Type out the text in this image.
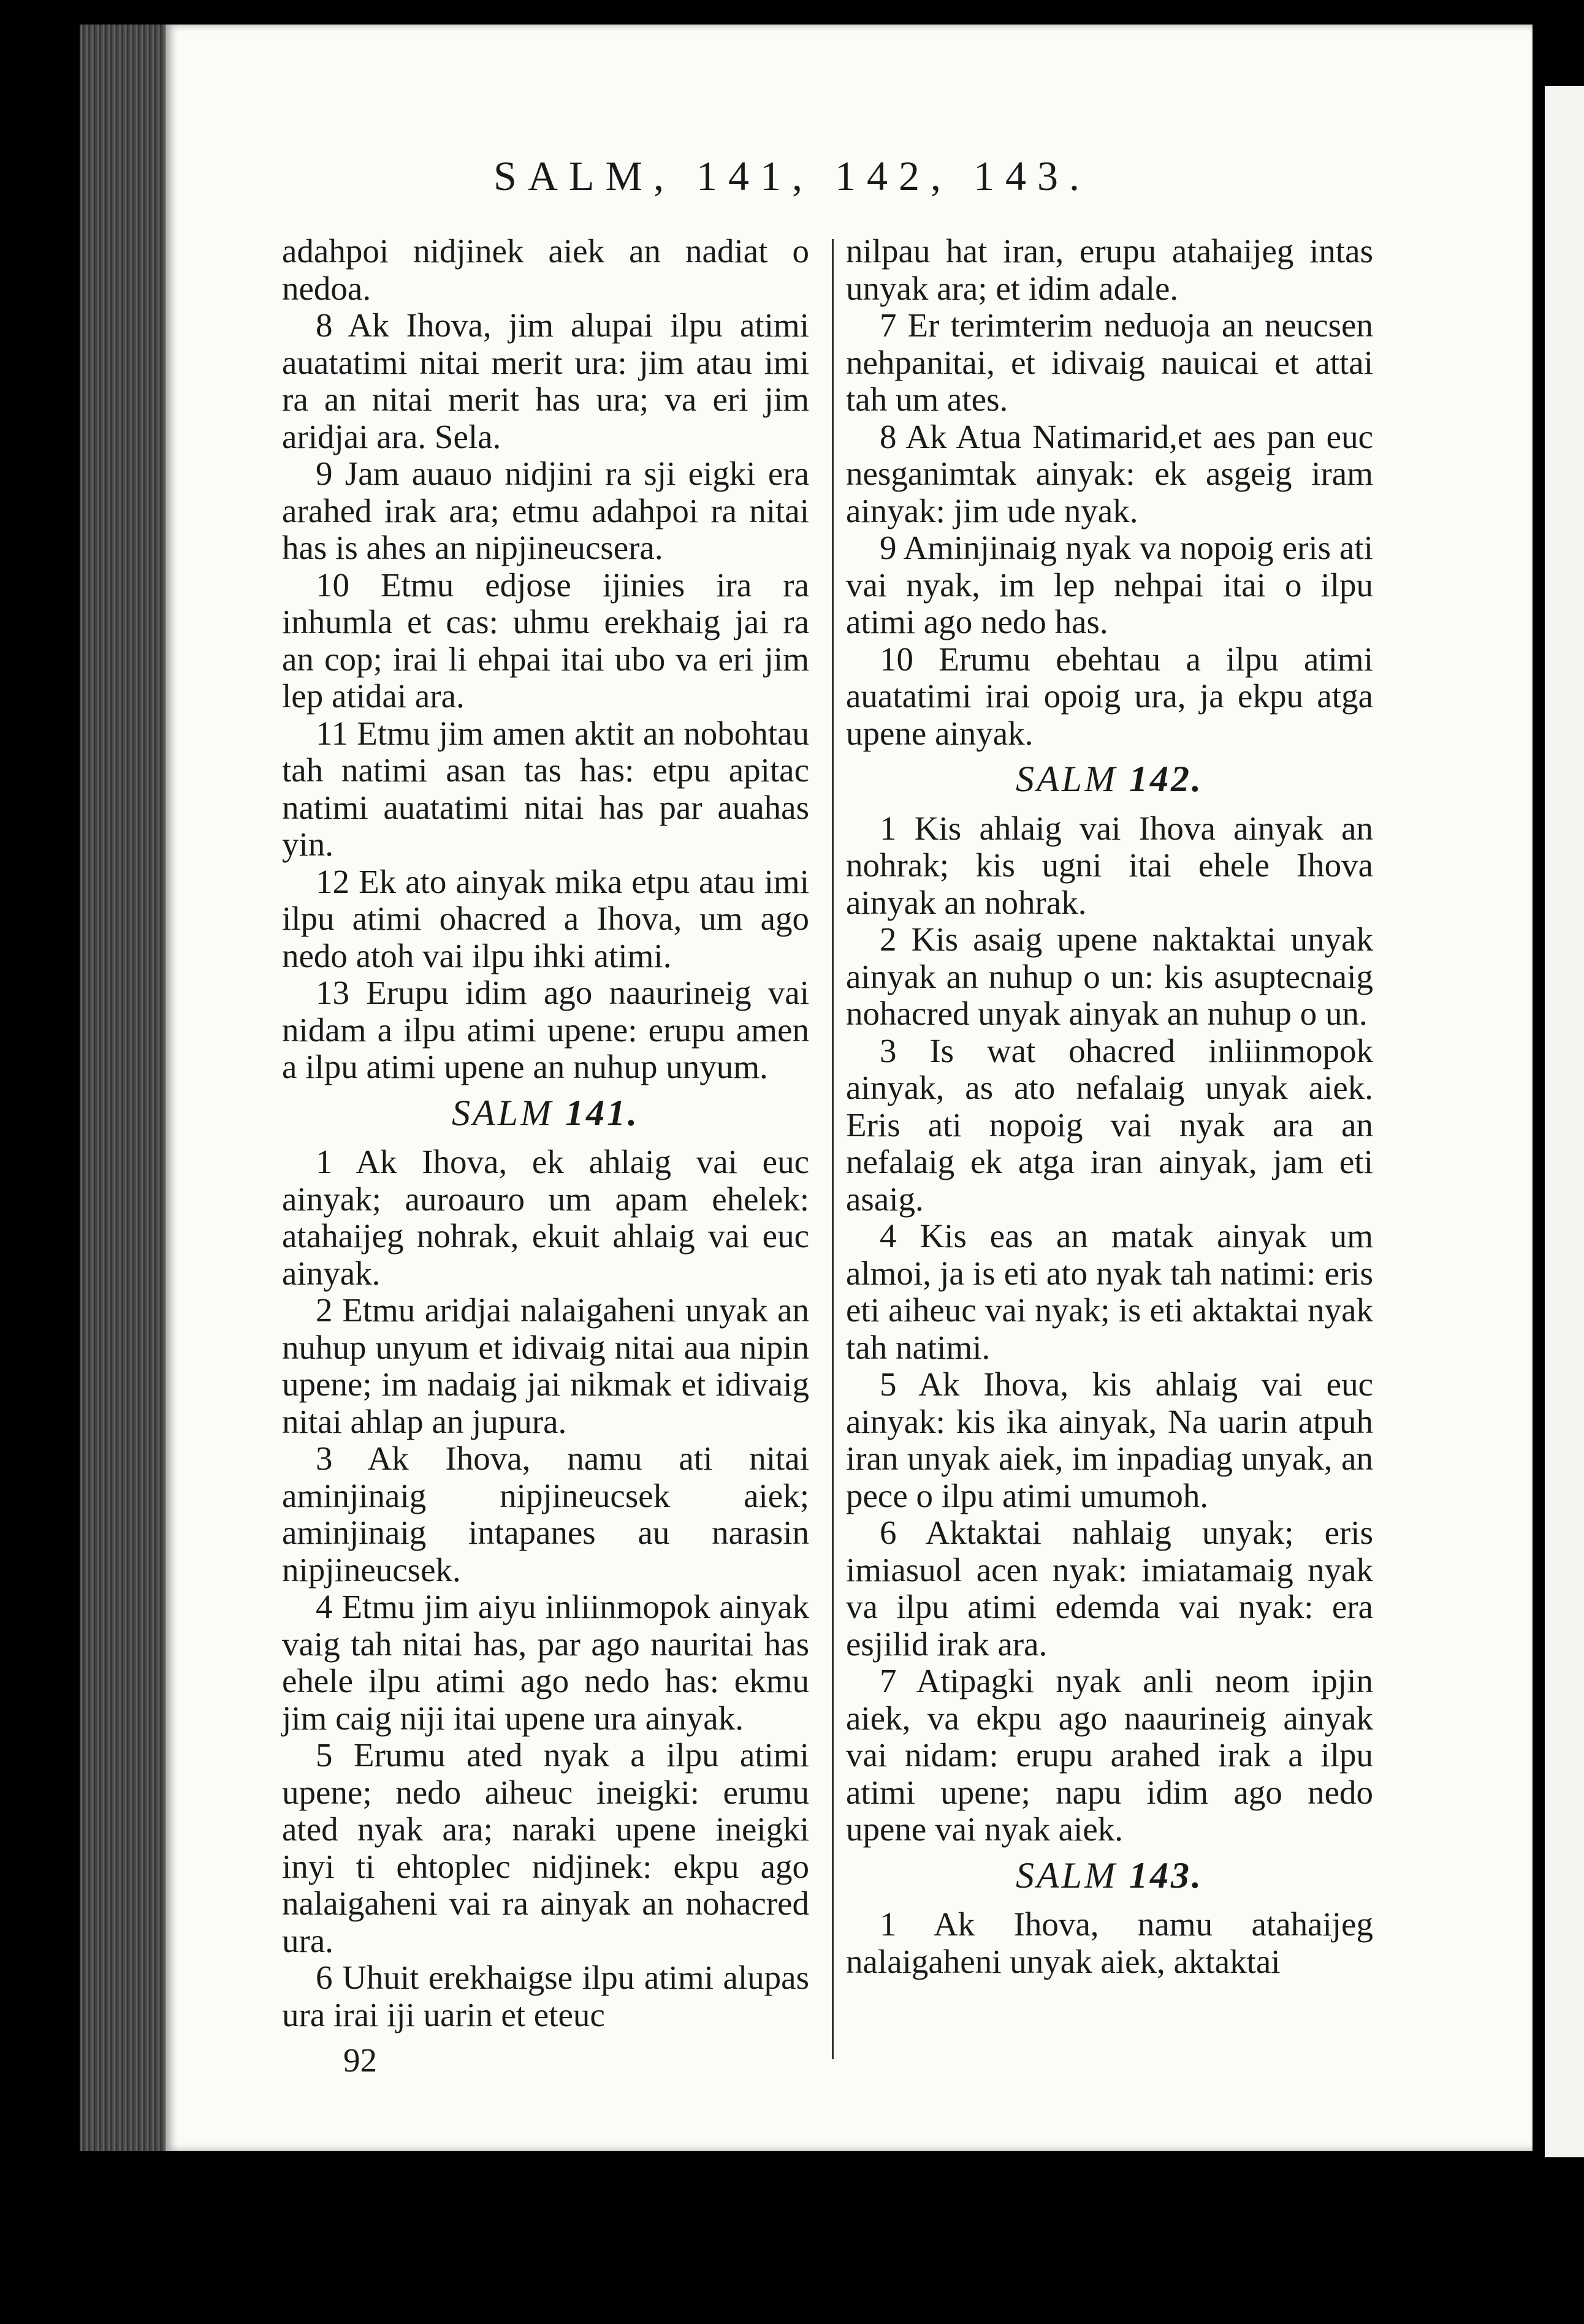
SALM, 141, 142, 143.

adahpoi nidjinek aiek an nadiat o nedoa.

8 Ak Ihova, jim alupai ilpu atimi auatatimi nitai merit ura: jim atau imi ra an nitai merit has ura; va eri jim aridjai ara. Sela.

9 Jam auauo nidjini ra sji eigki era arahed irak ara; etmu adahpoi ra nitai has is ahes an nipjineucsera.

10 Etmu edjose ijinies ira ra inhumla et cas: uhmu erekhaig jai ra an cop; irai li ehpai itai ubo va eri jim lep atidai ara.

11 Etmu jim amen aktit an nobohtau tah natimi asan tas has: etpu apitac natimi auatatimi nitai has par auahas yin.

12 Ek ato ainyak mika etpu atau imi ilpu atimi ohacred a Ihova, um ago nedo atoh vai ilpu ihki atimi.

13 Erupu idim ago naaurineig vai nidam a ilpu atimi upene: erupu amen a ilpu atimi upene an nuhup unyum.

SALM 141.

1 Ak Ihova, ek ahlaig vai euc ainyak; auroauro um apam ehelek: atahaijeg nohrak, ekuit ahlaig vai euc ainyak.

2 Etmu aridjai nalaigaheni unyak an nuhup unyum et idivaig nitai aua nipin upene; im nadaig jai nikmak et idivaig nitai ahlap an jupura.

3 Ak Ihova, namu ati nitai aminjinaig nipjineucsek aiek; aminjinaig intapanes au narasin nipjineucsek.

4 Etmu jim aiyu inliinmopok ainyak vaig tah nitai has, par ago nauritai has ehele ilpu atimi ago nedo has: ekmu jim caig niji itai upene ura ainyak.

5 Erumu ated nyak a ilpu atimi upene; nedo aiheuc ineigki: erumu ated nyak ara; naraki upene ineigki inyi ti ehtoplec nidjinek: ekpu ago nalaigaheni vai ra ainyak an nohacred ura.

6 Uhuit erekhaigse ilpu atimi alupas ura irai iji uarin et eteuc

nilpau hat iran, erupu atahaijeg intas unyak ara; et idim adale.

7 Er terimterim neduoja an neucsen nehpanitai, et idivaig nauicai et attai tah um ates.

8 Ak Atua Natimarid,et aes pan euc nesganimtak ainyak: ek asgeig iram ainyak: jim ude nyak.

9 Aminjinaig nyak va nopoig eris ati vai nyak, im lep nehpai itai o ilpu atimi ago nedo has.

10 Erumu ebehtau a ilpu atimi auatatimi irai opoig ura, ja ekpu atga upene ainyak.

SALM 142.

1 Kis ahlaig vai Ihova ainyak an nohrak; kis ugni itai ehele Ihova ainyak an nohrak.

2 Kis asaig upene naktaktai unyak ainyak an nuhup o un: kis asuptecnaig nohacred unyak ainyak an nuhup o un.

3 Is wat ohacred inliinmopok ainyak, as ato nefalaig unyak aiek. Eris ati nopoig vai nyak ara an nefalaig ek atga iran ainyak, jam eti asaig.

4 Kis eas an matak ainyak um almoi, ja is eti ato nyak tah natimi: eris eti aiheuc vai nyak; is eti aktaktai nyak tah natimi.

5 Ak Ihova, kis ahlaig vai euc ainyak: kis ika ainyak, Na uarin atpuh iran unyak aiek, im inpadiag unyak, an pece o ilpu atimi umumoh.

6 Aktaktai nahlaig unyak; eris imiasuol acen nyak: imiatamaig nyak va ilpu atimi edemda vai nyak: era esjilid irak ara.

7 Atipagki nyak anli neom ipjin aiek, va ekpu ago naaurineig ainyak vai nidam: erupu arahed irak a ilpu atimi upene; napu idim ago nedo upene vai nyak aiek.

SALM 143.

1 Ak Ihova, namu atahaijeg nalaigaheni unyak aiek, aktaktai

92
